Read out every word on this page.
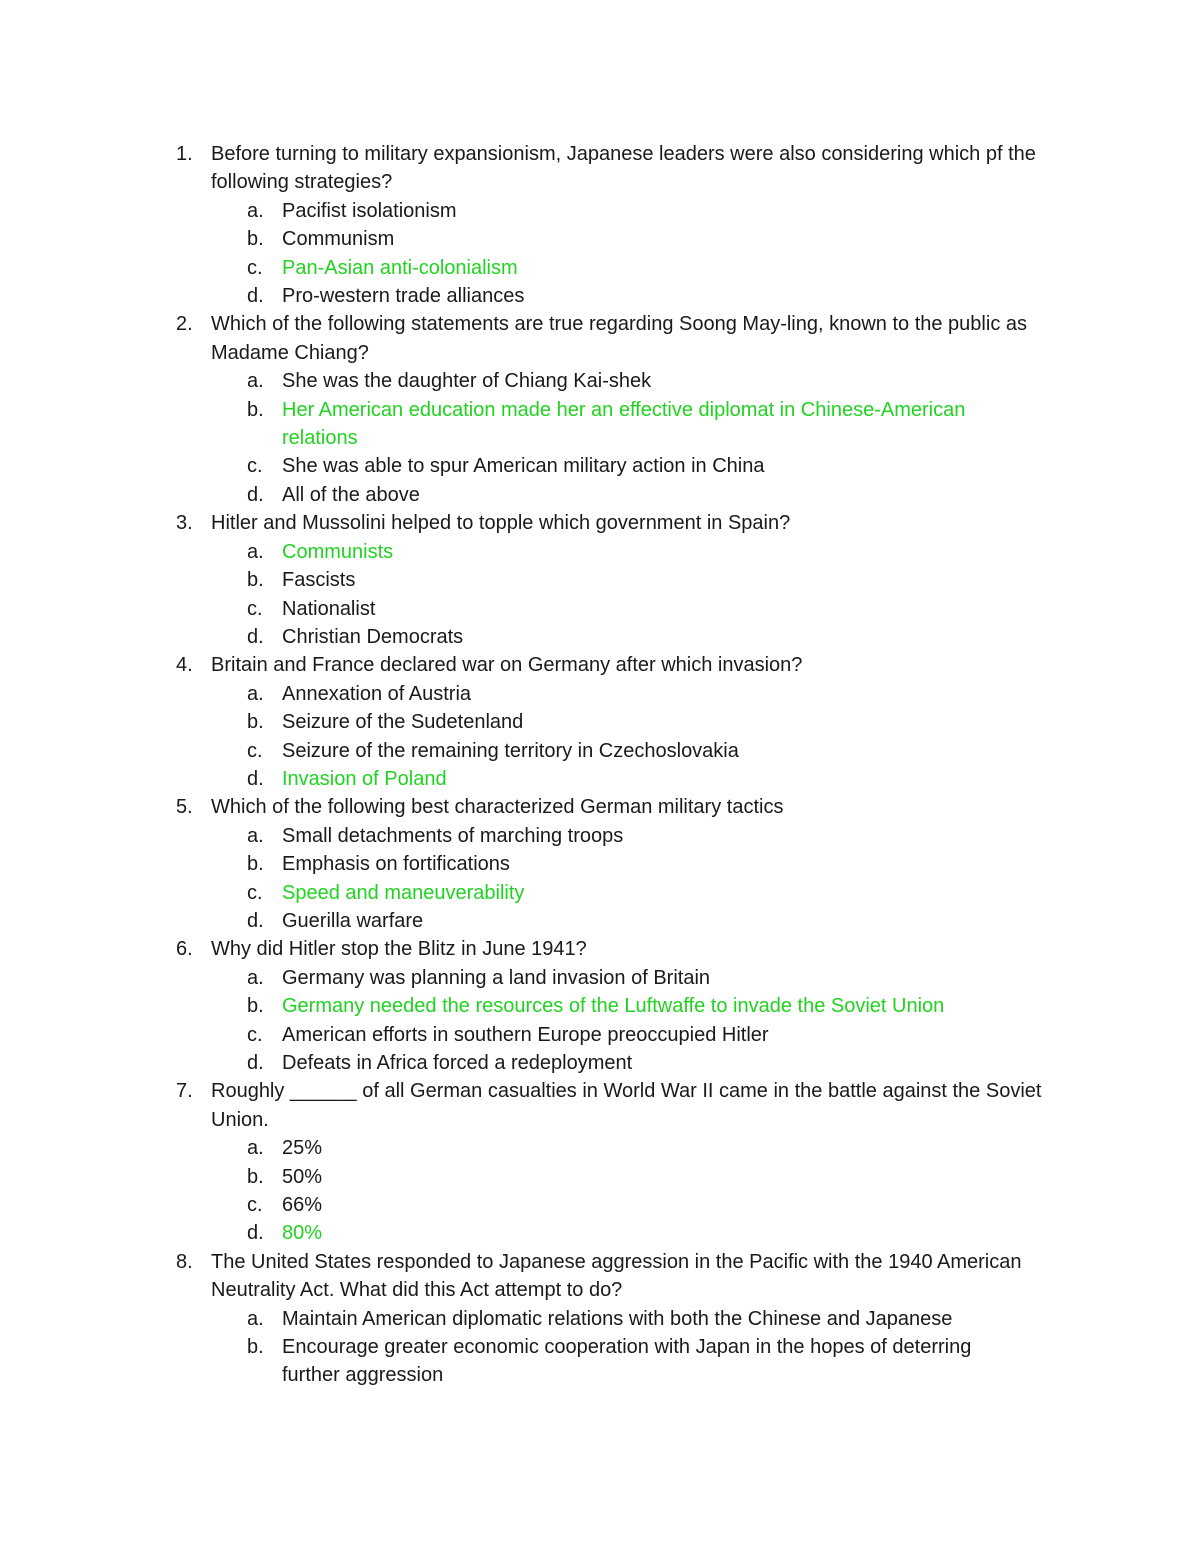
1. Before turning to military expansionism, Japanese leaders were also considering which pf the following strategies?
a. Pacifist isolationism
b. Communism
c. Pan-Asian anti-colonialism
d. Pro-western trade alliances
2. Which of the following statements are true regarding Soong May-ling, known to the public as Madame Chiang?
a. She was the daughter of Chiang Kai-shek
b. Her American education made her an effective diplomat in Chinese-American relations
c. She was able to spur American military action in China
d. All of the above
3. Hitler and Mussolini helped to topple which government in Spain?
a. Communists
b. Fascists
c. Nationalist
d. Christian Democrats
4. Britain and France declared war on Germany after which invasion?
a. Annexation of Austria
b. Seizure of the Sudetenland
c. Seizure of the remaining territory in Czechoslovakia
d. Invasion of Poland
5. Which of the following best characterized German military tactics
a. Small detachments of marching troops
b. Emphasis on fortifications
c. Speed and maneuverability
d. Guerilla warfare
6. Why did Hitler stop the Blitz in June 1941?
a. Germany was planning a land invasion of Britain
b. Germany needed the resources of the Luftwaffe to invade the Soviet Union
c. American efforts in southern Europe preoccupied Hitler
d. Defeats in Africa forced a redeployment
7. Roughly ______ of all German casualties in World War II came in the battle against the Soviet Union.
a. 25%
b. 50%
c. 66%
d. 80%
8. The United States responded to Japanese aggression in the Pacific with the 1940 American Neutrality Act. What did this Act attempt to do?
a. Maintain American diplomatic relations with both the Chinese and Japanese
b. Encourage greater economic cooperation with Japan in the hopes of deterring further aggression
